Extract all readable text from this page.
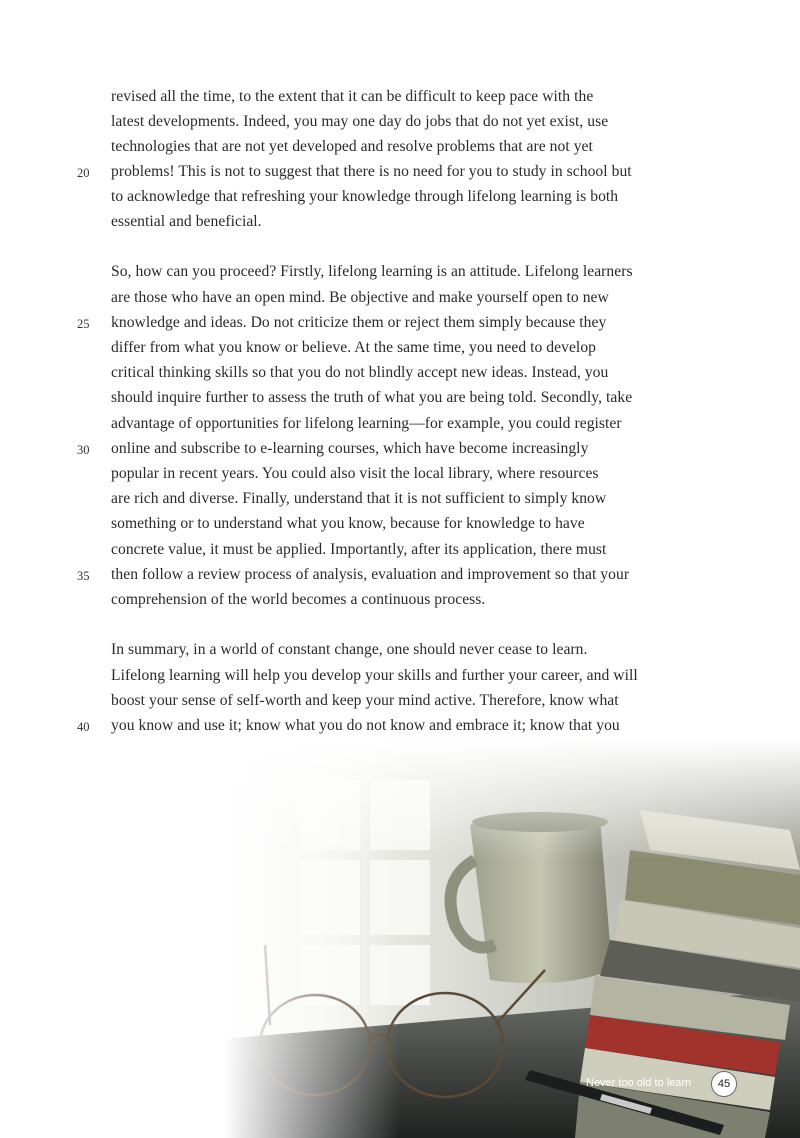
revised all the time, to the extent that it can be difficult to keep pace with the
latest developments. Indeed, you may one day do jobs that do not yet exist, use
technologies that are not yet developed and resolve problems that are not yet
problems! This is not to suggest that there is no need for you to study in school but
to acknowledge that refreshing your knowledge through lifelong learning is both
essential and beneficial.
So, how can you proceed? Firstly, lifelong learning is an attitude. Lifelong learners
are those who have an open mind. Be objective and make yourself open to new
knowledge and ideas. Do not criticize them or reject them simply because they
differ from what you know or believe. At the same time, you need to develop
critical thinking skills so that you do not blindly accept new ideas. Instead, you
should inquire further to assess the truth of what you are being told. Secondly, take
advantage of opportunities for lifelong learning—for example, you could register
online and subscribe to e-learning courses, which have become increasingly
popular in recent years. You could also visit the local library, where resources
are rich and diverse. Finally, understand that it is not sufficient to simply know
something or to understand what you know, because for knowledge to have
concrete value, it must be applied. Importantly, after its application, there must
then follow a review process of analysis, evaluation and improvement so that your
comprehension of the world becomes a continuous process.
In summary, in a world of constant change, one should never cease to learn.
Lifelong learning will help you develop your skills and further your career, and will
boost your sense of self-worth and keep your mind active. Therefore, know what
you know and use it; know what you do not know and embrace it; know that you
20
25
30
35
40
Never too old to learn	45
